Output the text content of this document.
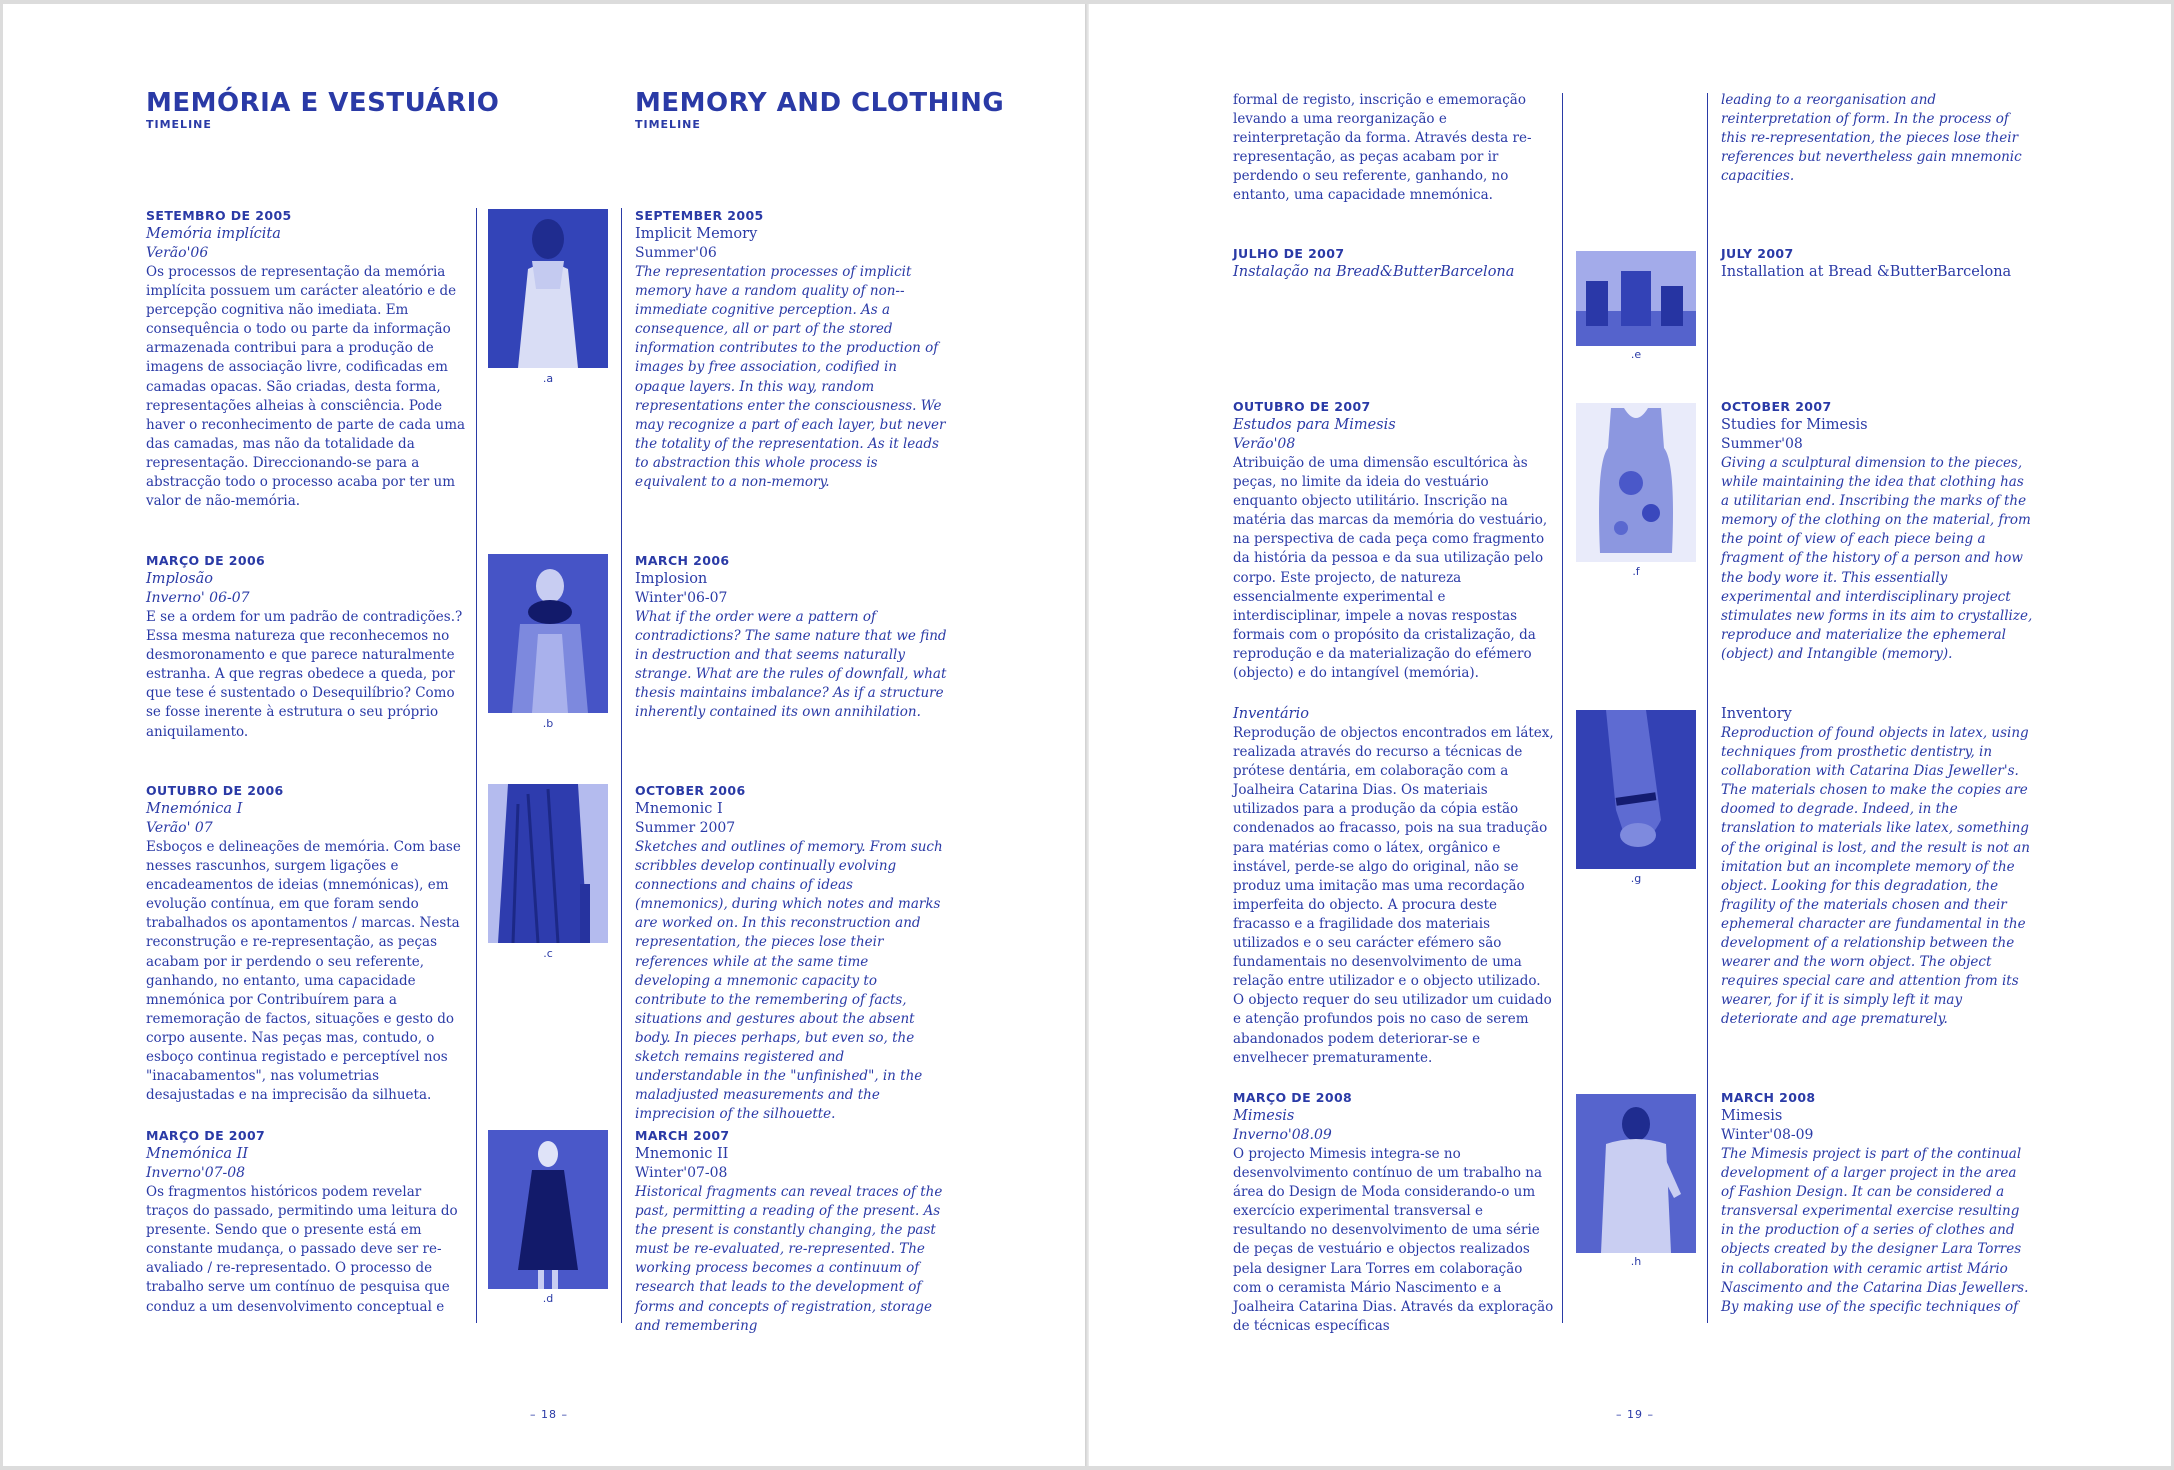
MEMÓRIA E VESTUÁRIO
TIMELINE
MEMORY AND CLOTHING
TIMELINE
SETEMBRO DE 2005
Memória implícita
Verão'06
Os processos de representação da memória implícita possuem um carácter aleatório e de percepção cognitiva não imediata. Em consequência o todo ou parte da informação armazenada contribui para a produção de imagens de associação livre, codificadas em camadas opacas. São criadas, desta forma, representações alheias à consciência. Pode haver o reconhecimento de parte de cada uma das camadas, mas não da totalidade da representação. Direccionando-se para a abstracção todo o processo acaba por ter um valor de não-memória.
MARÇO DE 2006
Implosão
Inverno' 06-07
E se a ordem for um padrão de contradições.? Essa mesma natureza que reconhecemos no desmoronamento e que parece naturalmente estranha. A que regras obedece a queda, por que tese é sustentado o Desequilíbrio? Como se fosse inerente à estrutura o seu próprio aniquilamento.
OUTUBRO DE 2006
Mnemónica I
Verão' 07
Esboços e delineações de memória. Com base nesses rascunhos, surgem ligações e encadeamentos de ideias (mnemónicas), em evolução contínua, em que foram sendo trabalhados os apontamentos / marcas. Nesta reconstrução e re-representação, as peças acabam por ir perdendo o seu referente, ganhando, no entanto, uma capacidade mnemónica por Contribuírem para a rememoração de factos, situações e gesto do corpo ausente. Nas peças mas, contudo, o esboço continua registado e perceptível nos "inacabamentos", nas volumetrias desajustadas e na imprecisão da silhueta.
MARÇO DE 2007
Mnemónica II
Inverno'07-08
Os fragmentos históricos podem revelar traços do passado, permitindo uma leitura do presente. Sendo que o presente está em constante mudança, o passado deve ser re-avaliado / re-representado. O processo de trabalho serve um contínuo de pesquisa que conduz a um desenvolvimento conceptual e
.a
.b
.c
.d
SEPTEMBER 2005
Implicit Memory
Summer'06
The representation processes of implicit memory have a random quality of non--immediate cognitive perception. As a consequence, all or part of the stored information contributes to the production of images by free association, codified in opaque layers. In this way, random representations enter the consciousness. We may recognize a part of each layer, but never the totality of the representation. As it leads to abstraction this whole process is equivalent to a non-memory.
MARCH 2006
Implosion
Winter'06-07
What if the order were a pattern of contradictions? The same nature that we find in destruction and that seems naturally strange. What are the rules of downfall, what thesis maintains imbalance? As if a structure inherently contained its own annihilation.
OCTOBER 2006
Mnemonic I
Summer 2007
Sketches and outlines of memory. From such scribbles develop continually evolving connections and chains of ideas (mnemonics), during which notes and marks are worked on. In this reconstruction and representation, the pieces lose their references while at the same time developing a mnemonic capacity to contribute to the remembering of facts, situations and gestures about the absent body. In pieces perhaps, but even so, the sketch remains registered and understandable in the "unfinished", in the maladjusted measurements and the imprecision of the silhouette.
MARCH 2007
Mnemonic II
Winter'07-08
Historical fragments can reveal traces of the past, permitting a reading of the present. As the present is constantly changing, the past must be re-evaluated, re-represented. The working process becomes a continuum of research that leads to the development of forms and concepts of registration, storage and remembering
– 18 –
formal de registo, inscrição e ememoração levando a uma reorganização e reinterpretação da forma. Através desta re-representação, as peças acabam por ir perdendo o seu referente, ganhando, no entanto, uma capacidade mnemónica.
leading to a reorganisation and reinterpretation of form. In the process of this re-representation, the pieces lose their references but nevertheless gain mnemonic capacities.
JULHO DE 2007
Instalação na Bread&ButterBarcelona
OUTUBRO DE 2007
Estudos para Mimesis
Verão'08
Atribuição de uma dimensão escultórica às peças, no limite da ideia do vestuário enquanto objecto utilitário. Inscrição na matéria das marcas da memória do vestuário, na perspectiva de cada peça como fragmento da história da pessoa e da sua utilização pelo corpo. Este projecto, de natureza essencialmente experimental e interdisciplinar, impele a novas respostas formais com o propósito da cristalização, da reprodução e da materialização do efémero (objecto) e do intangível (memória).
Inventário
Reprodução de objectos encontrados em látex, realizada através do recurso a técnicas de prótese dentária, em colaboração com a Joalheira Catarina Dias. Os materiais utilizados para a produção da cópia estão condenados ao fracasso, pois na sua tradução para matérias como o látex, orgânico e instável, perde-se algo do original, não se produz uma imitação mas uma recordação imperfeita do objecto. A procura deste fracasso e a fragilidade dos materiais utilizados e o seu carácter efémero são fundamentais no desenvolvimento de uma relação entre utilizador e o objecto utilizado. O objecto requer do seu utilizador um cuidado e atenção profundos pois no caso de serem abandonados podem deteriorar-se e envelhecer prematuramente.
MARÇO DE 2008
Mimesis
Inverno'08.09
O projecto Mimesis integra-se no desenvolvimento contínuo de um trabalho na área do Design de Moda considerando-o um exercício experimental transversal e resultando no desenvolvimento de uma série de peças de vestuário e objectos realizados pela designer Lara Torres em colaboração com o ceramista Mário Nascimento e a Joalheira Catarina Dias. Através da exploração de técnicas específicas
.e
.f
.g
.h
JULY 2007
Installation at Bread &ButterBarcelona
OCTOBER 2007
Studies for Mimesis
Summer'08
Giving a sculptural dimension to the pieces, while maintaining the idea that clothing has a utilitarian end. Inscribing the marks of the memory of the clothing on the material, from the point of view of each piece being a fragment of the history of a person and how the body wore it. This essentially experimental and interdisciplinary project stimulates new forms in its aim to crystallize, reproduce and materialize the ephemeral (object) and Intangible (memory).
Inventory
Reproduction of found objects in latex, using techniques from prosthetic dentistry, in collaboration with Catarina Dias Jeweller's. The materials chosen to make the copies are doomed to degrade. Indeed, in the translation to materials like latex, something of the original is lost, and the result is not an imitation but an incomplete memory of the object. Looking for this degradation, the fragility of the materials chosen and their ephemeral character are fundamental in the development of a relationship between the wearer and the worn object. The object requires special care and attention from its wearer, for if it is simply left it may deteriorate and age prematurely.
MARCH 2008
Mimesis
Winter'08-09
The Mimesis project is part of the continual development of a larger project in the area of Fashion Design. It can be considered a transversal experimental exercise resulting in the production of a series of clothes and objects created by the designer Lara Torres in collaboration with ceramic artist Mário Nascimento and the Catarina Dias Jewellers. By making use of the specific techniques of
– 19 –
